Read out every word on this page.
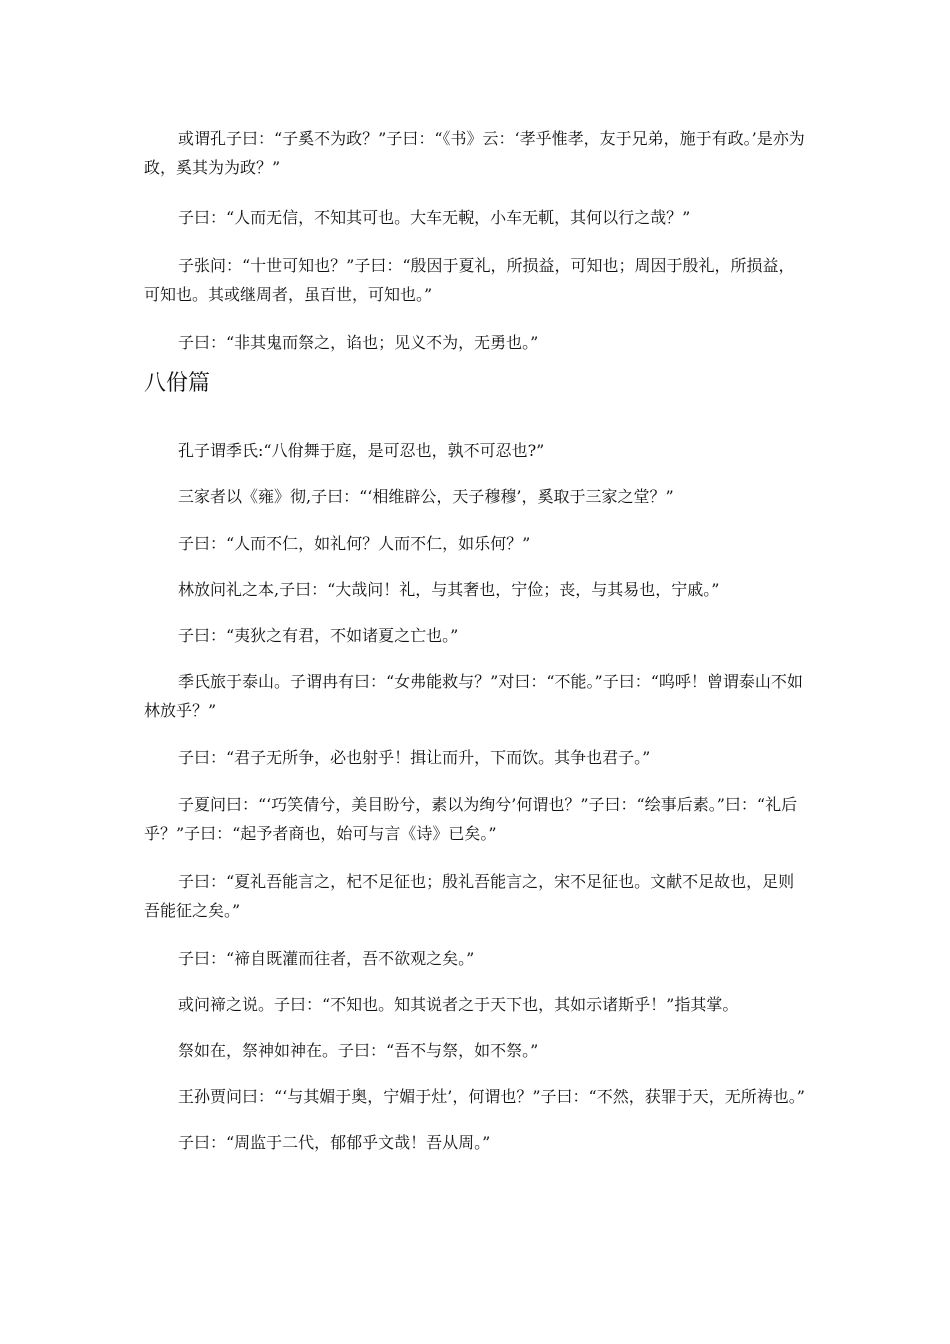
或谓孔子曰：“子奚不为政？”子曰：“《书》云：‘孝乎惟孝，友于兄弟，施于有政。’是亦为政，奚其为为政？”

子曰：“人而无信，不知其可也。大车无輗，小车无軏，其何以行之哉？”

子张问：“十世可知也？”子曰：“殷因于夏礼，所损益，可知也；周因于殷礼，所损益，可知也。其或继周者，虽百世，可知也。”

子曰：“非其鬼而祭之，谄也；见义不为，无勇也。”

八佾篇

孔子谓季氏:“八佾舞于庭，是可忍也，孰不可忍也?”

三家者以《雍》彻,子曰：“‘相维辟公，天子穆穆’，奚取于三家之堂？”

子曰：“人而不仁，如礼何？人而不仁，如乐何？”

林放问礼之本,子曰：“大哉问！礼，与其奢也，宁俭；丧，与其易也，宁戚。”

子曰：“夷狄之有君，不如诸夏之亡也。”

季氏旅于泰山。子谓冉有曰：“女弗能救与？”对曰：“不能。”子曰：“呜呼！曾谓泰山不如林放乎？”

子曰：“君子无所争，必也射乎！揖让而升，下而饮。其争也君子。”

子夏问曰：“‘巧笑倩兮，美目盼兮，素以为绚兮’何谓也？”子曰：“绘事后素。”曰：“礼后乎？”子曰：“起予者商也，始可与言《诗》已矣。”

子曰：“夏礼吾能言之，杞不足征也；殷礼吾能言之，宋不足征也。文献不足故也，足则吾能征之矣。”

子曰：“禘自既灌而往者，吾不欲观之矣。”

或问禘之说。子曰：“不知也。知其说者之于天下也，其如示诸斯乎！”指其掌。

祭如在，祭神如神在。子曰：“吾不与祭，如不祭。”

王孙贾问曰：“‘与其媚于奥，宁媚于灶’，何谓也？”子曰：“不然，获罪于天，无所祷也。”

子曰：“周监于二代，郁郁乎文哉！吾从周。”
